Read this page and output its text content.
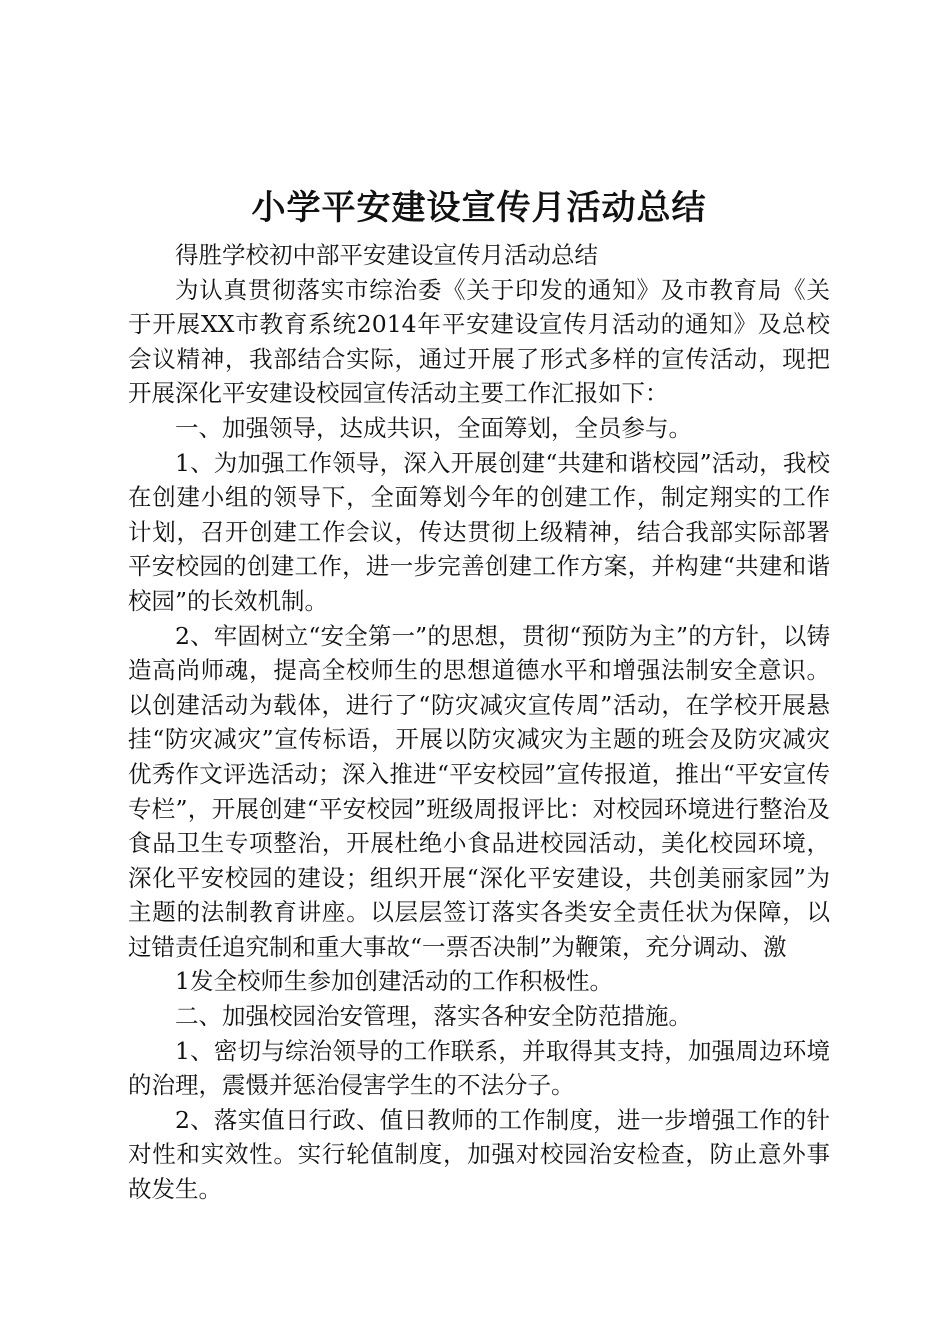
小学平安建设宣传月活动总结

得胜学校初中部平安建设宣传月活动总结

为认真贯彻落实市综治委《关于印发的通知》及市教育局《关于开展XX市教育系统2014年平安建设宣传月活动的通知》及总校会议精神，我部结合实际，通过开展了形式多样的宣传活动，现把开展深化平安建设校园宣传活动主要工作汇报如下：

一、加强领导，达成共识，全面筹划，全员参与。

1、为加强工作领导，深入开展创建“共建和谐校园”活动，我校在创建小组的领导下，全面筹划今年的创建工作，制定翔实的工作计划，召开创建工作会议，传达贯彻上级精神，结合我部实际部署平安校园的创建工作，进一步完善创建工作方案，并构建“共建和谐校园”的长效机制。

2、牢固树立“安全第一”的思想，贯彻“预防为主”的方针，以铸造高尚师魂，提高全校师生的思想道德水平和增强法制安全意识。以创建活动为载体，进行了“防灾减灾宣传周”活动，在学校开展悬挂“防灾减灾”宣传标语，开展以防灾减灾为主题的班会及防灾减灾优秀作文评选活动；深入推进“平安校园”宣传报道，推出“平安宣传专栏”，开展创建“平安校园”班级周报评比：对校园环境进行整治及食品卫生专项整治，开展杜绝小食品进校园活动，美化校园环境，深化平安校园的建设；组织开展“深化平安建设，共创美丽家园”为主题的法制教育讲座。以层层签订落实各类安全责任状为保障，以过错责任追究制和重大事故“一票否决制”为鞭策，充分调动、激

1发全校师生参加创建活动的工作积极性。

二、加强校园治安管理，落实各种安全防范措施。

1、密切与综治领导的工作联系，并取得其支持，加强周边环境的治理，震慑并惩治侵害学生的不法分子。

2、落实值日行政、值日教师的工作制度，进一步增强工作的针对性和实效性。实行轮值制度，加强对校园治安检查，防止意外事故发生。
